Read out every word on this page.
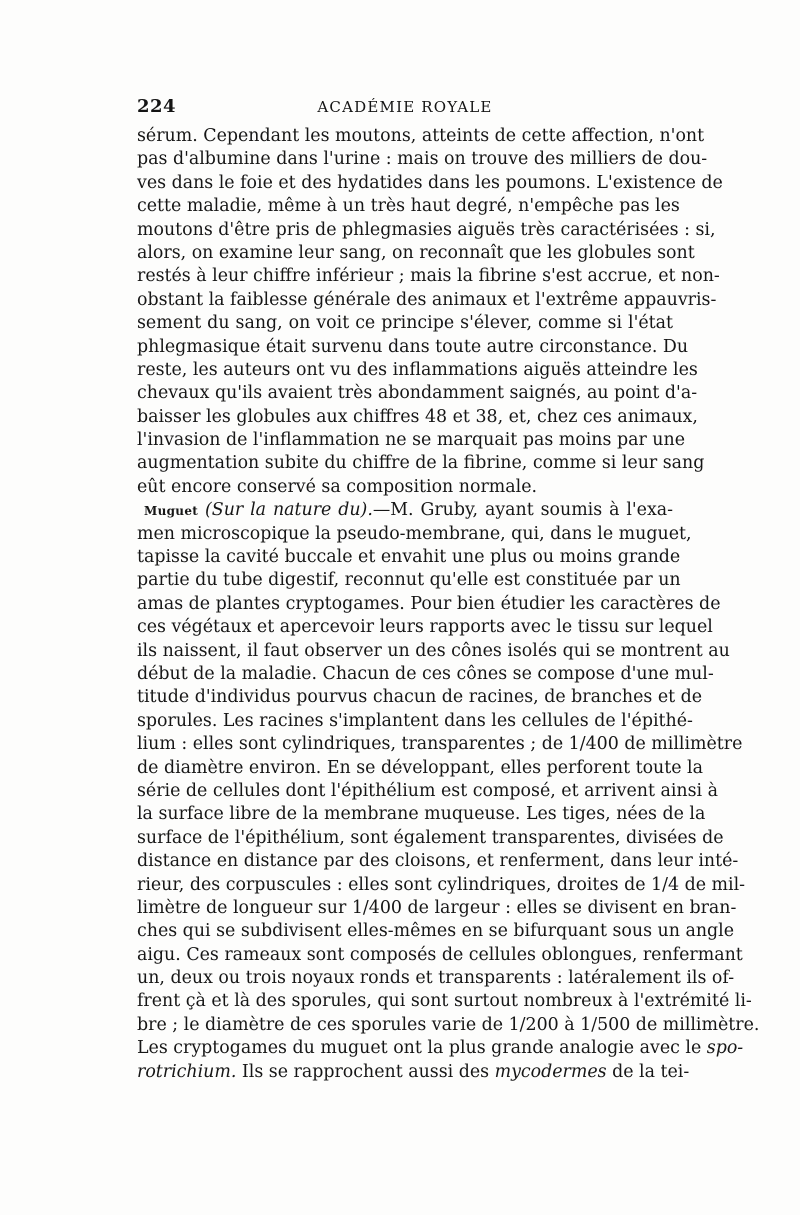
224	ACADÉMIE ROYALE
sérum. Cependant les moutons, atteints de cette affection, n'ont
pas d'albumine dans l'urine : mais on trouve des milliers de dou-
ves dans le foie et des hydatides dans les poumons. L'existence de
cette maladie, même à un très haut degré, n'empêche pas les
moutons d'être pris de phlegmasies aiguës très caractérisées : si,
alors, on examine leur sang, on reconnaît que les globules sont
restés à leur chiffre inférieur ; mais la fibrine s'est accrue, et non-
obstant la faiblesse générale des animaux et l'extrême appauvris-
sement du sang, on voit ce principe s'élever, comme si l'état
phlegmasique était survenu dans toute autre circonstance. Du
reste, les auteurs ont vu des inflammations aiguës atteindre les
chevaux qu'ils avaient très abondamment saignés, au point d'a-
baisser les globules aux chiffres 48 et 38, et, chez ces animaux,
l'invasion de l'inflammation ne se marquait pas moins par une
augmentation subite du chiffre de la fibrine, comme si leur sang
eût encore conservé sa composition normale.
Muguet (Sur la nature du).—M. Gruby, ayant soumis à l'exa-
men microscopique la pseudo-membrane, qui, dans le muguet,
tapisse la cavité buccale et envahit une plus ou moins grande
partie du tube digestif, reconnut qu'elle est constituée par un
amas de plantes cryptogames. Pour bien étudier les caractères de
ces végétaux et apercevoir leurs rapports avec le tissu sur lequel
ils naissent, il faut observer un des cônes isolés qui se montrent au
début de la maladie. Chacun de ces cônes se compose d'une mul-
titude d'individus pourvus chacun de racines, de branches et de
sporules. Les racines s'implantent dans les cellules de l'épithé-
lium : elles sont cylindriques, transparentes ; de 1/400 de millimètre
de diamètre environ. En se développant, elles perforent toute la
série de cellules dont l'épithélium est composé, et arrivent ainsi à
la surface libre de la membrane muqueuse. Les tiges, nées de la
surface de l'épithélium, sont également transparentes, divisées de
distance en distance par des cloisons, et renferment, dans leur inté-
rieur, des corpuscules : elles sont cylindriques, droites de 1/4 de mil-
limètre de longueur sur 1/400 de largeur : elles se divisent en bran-
ches qui se subdivisent elles-mêmes en se bifurquant sous un angle
aigu. Ces rameaux sont composés de cellules oblongues, renfermant
un, deux ou trois noyaux ronds et transparents : latéralement ils of-
frent çà et là des sporules, qui sont surtout nombreux à l'extrémité li-
bre ; le diamètre de ces sporules varie de 1/200 à 1/500 de millimètre.
Les cryptogames du muguet ont la plus grande analogie avec le spo-
rotrichium. Ils se rapprochent aussi des mycodermes de la tei-
